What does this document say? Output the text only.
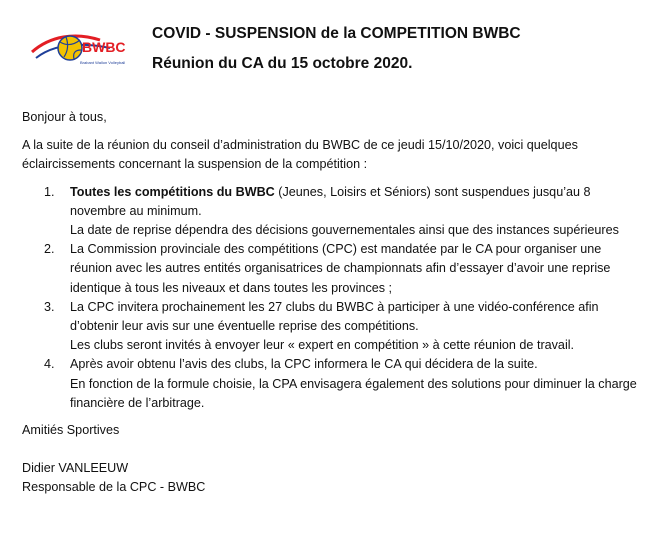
BWBC
Brabant Wallon Volleyball
COVID - SUSPENSION de la COMPETITION BWBC
Réunion du CA du 15 octobre 2020.

Bonjour à tous,

A la suite de la réunion du conseil d’administration du BWBC de ce jeudi 15/10/2020, voici quelques éclaircissements concernant la suspension de la compétition :

1.	Toutes les compétitions du BWBC (Jeunes, Loisirs et Séniors) sont suspendues jusqu’au 8 novembre au minimum.
La date de reprise dépendra des décisions gouvernementales ainsi que des instances supérieures
2.	La Commission provinciale des compétitions (CPC) est mandatée par le CA pour organiser une réunion avec les autres entités organisatrices de championnats afin d’essayer d’avoir une reprise identique à tous les niveaux et dans toutes les provinces ;
3.	La CPC invitera prochainement les 27 clubs du BWBC à participer à une vidéo-conférence afin d’obtenir leur avis sur une éventuelle reprise des compétitions.
Les clubs seront invités à envoyer leur « expert en compétition » à cette réunion de travail.
4.	Après avoir obtenu l’avis des clubs, la CPC informera le CA qui décidera de la suite.
En fonction de la formule choisie, la CPA envisagera également des solutions pour diminuer la charge financière de l’arbitrage.

Amitiés Sportives

Didier VANLEEUW

Responsable de la CPC - BWBC
